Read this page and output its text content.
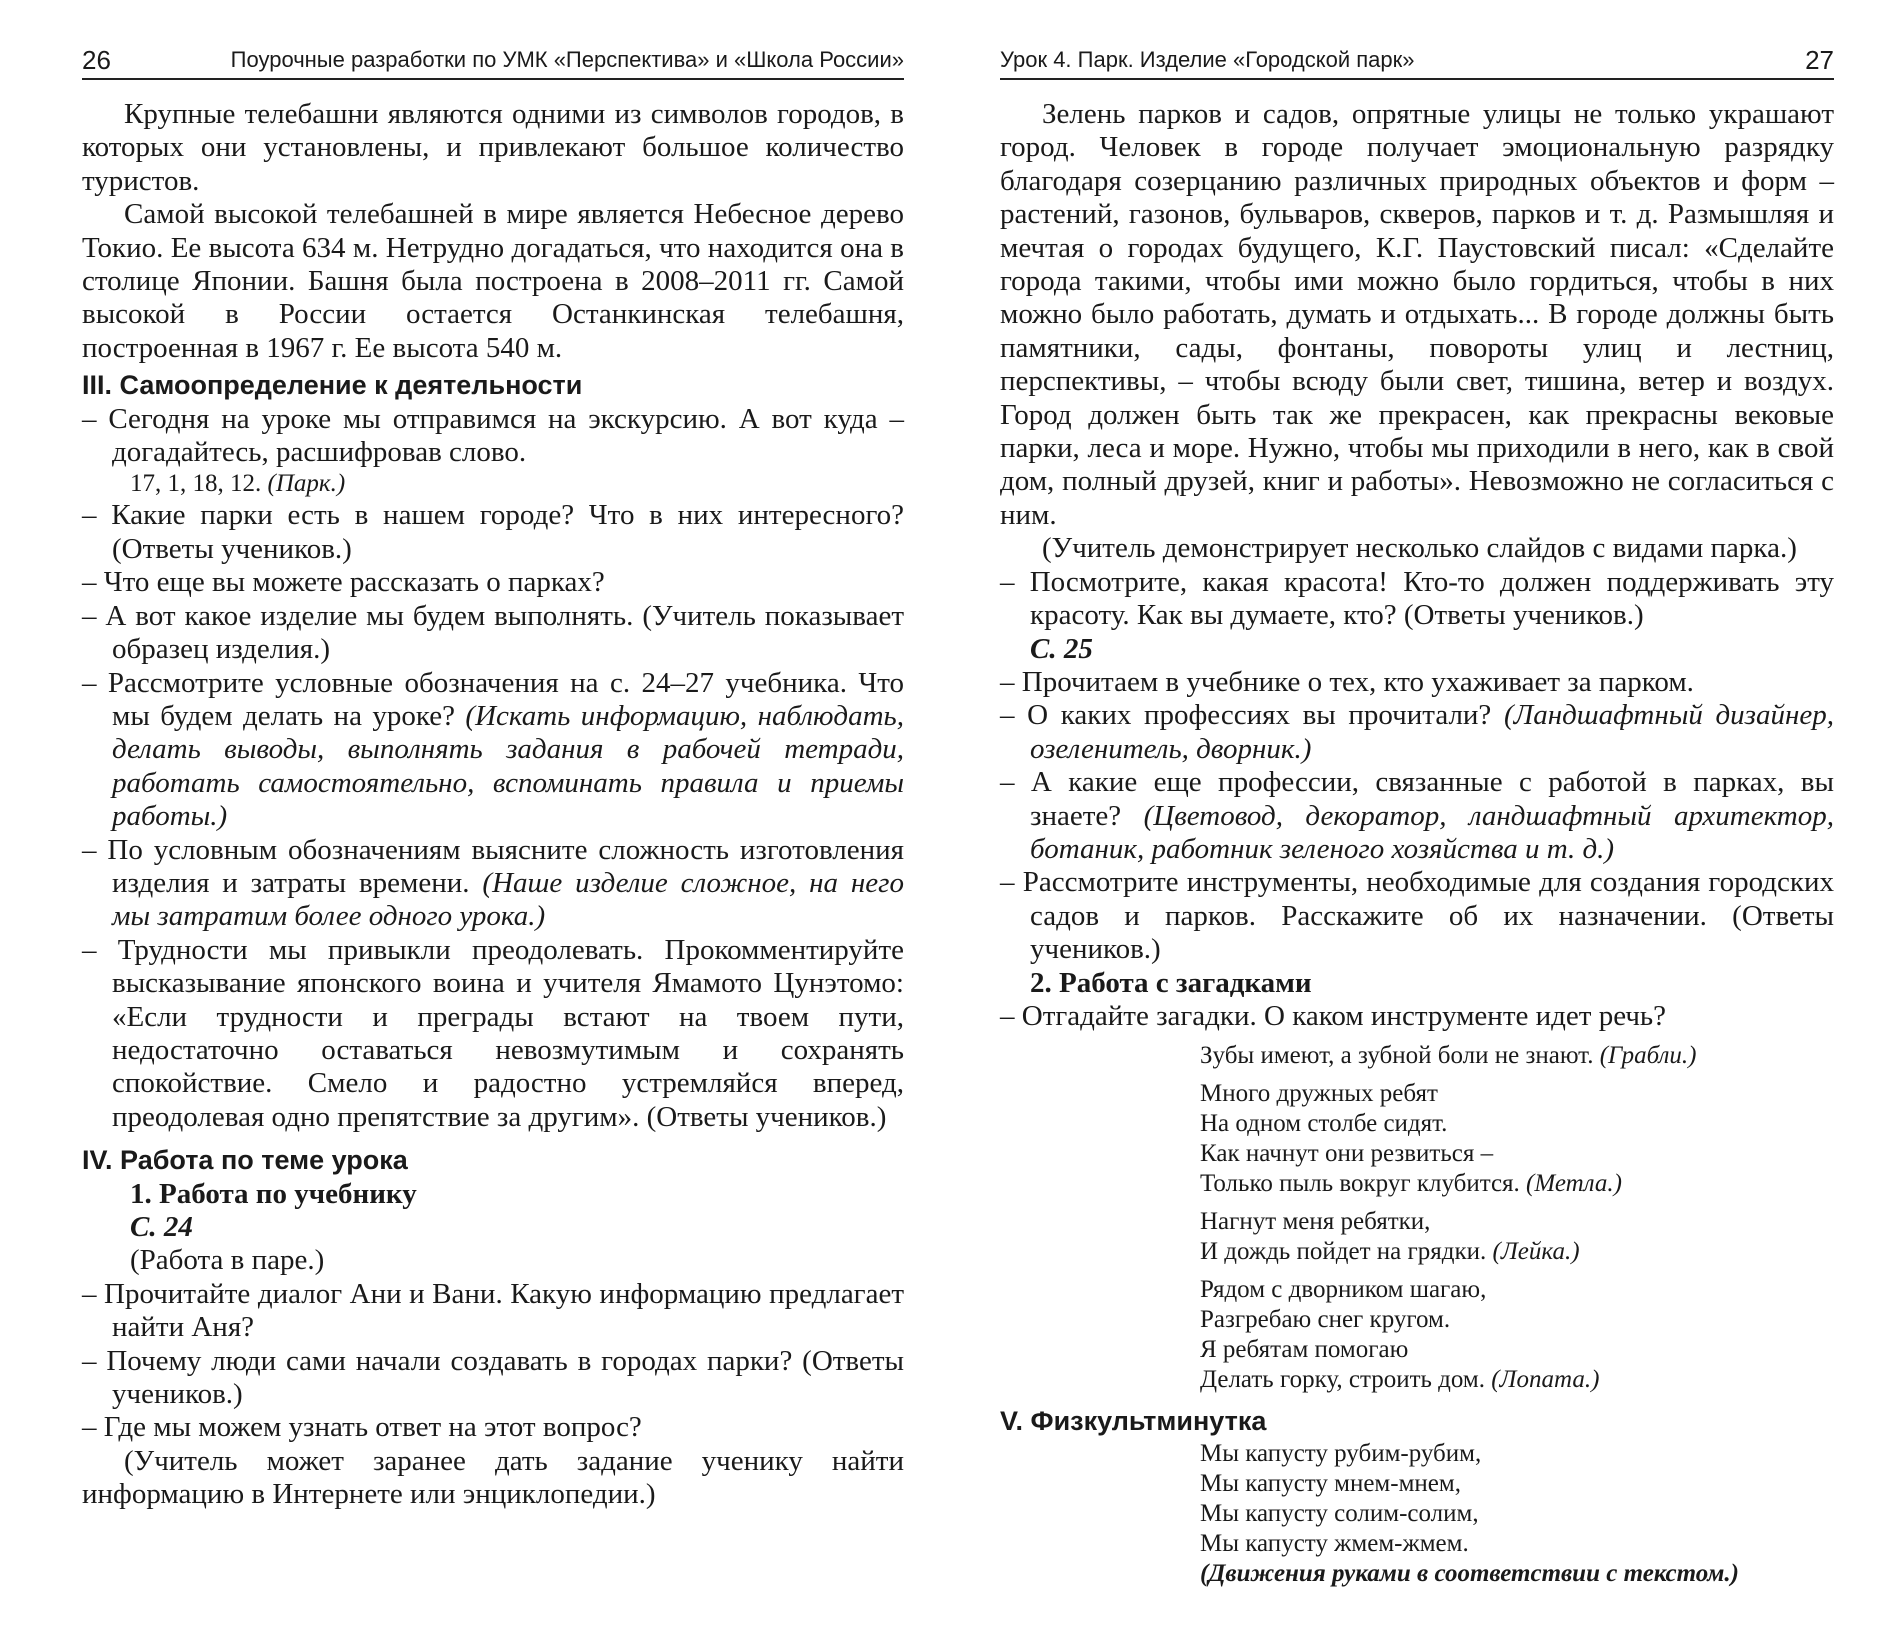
26	Поурочные разработки по УМК «Перспектива» и «Школа России»

Крупные телебашни являются одними из символов городов, в которых они установлены, и привлекают большое количество туристов.

Самой высокой телебашней в мире является Небесное дерево Токио. Ее высота 634 м. Нетрудно догадаться, что находится она в столице Японии. Башня была построена в 2008–2011 гг. Самой высокой в России остается Останкинская телебашня, построенная в 1967 г. Ее высота 540 м.

III. Самоопределение к деятельности

– Сегодня на уроке мы отправимся на экскурсию. А вот куда – догадайтесь, расшифровав слово.

17, 1, 18, 12. (Парк.)

– Какие парки есть в нашем городе? Что в них интересного? (Ответы учеников.)

– Что еще вы можете рассказать о парках?

– А вот какое изделие мы будем выполнять. (Учитель показывает образец изделия.)

– Рассмотрите условные обозначения на с. 24–27 учебника. Что мы будем делать на уроке? (Искать информацию, наблюдать, делать выводы, выполнять задания в рабочей тетради, работать самостоятельно, вспоминать правила и приемы работы.)

– По условным обозначениям выясните сложность изготовления изделия и затраты времени. (Наше изделие сложное, на него мы затратим более одного урока.)

– Трудности мы привыкли преодолевать. Прокомментируйте высказывание японского воина и учителя Ямамото Цунэтомо: «Если трудности и преграды встают на твоем пути, недостаточно оставаться невозмутимым и сохранять спокойствие. Смело и радостно устремляйся вперед, преодолевая одно препятствие за другим». (Ответы учеников.)

IV. Работа по теме урока

1. Работа по учебнику

С. 24

(Работа в паре.)

– Прочитайте диалог Ани и Вани. Какую информацию предлагает найти Аня?

– Почему люди сами начали создавать в городах парки? (Ответы учеников.)

– Где мы можем узнать ответ на этот вопрос?

(Учитель может заранее дать задание ученику найти информацию в Интернете или энциклопедии.)

Урок 4. Парк. Изделие «Городской парк»	27

Зелень парков и садов, опрятные улицы не только украшают город. Человек в городе получает эмоциональную разрядку благодаря созерцанию различных природных объектов и форм – растений, газонов, бульваров, скверов, парков и т. д. Размышляя и мечтая о городах будущего, К.Г. Паустовский писал: «Сделайте города такими, чтобы ими можно было гордиться, чтобы в них можно было работать, думать и отдыхать... В городе должны быть памятники, сады, фонтаны, повороты улиц и лестниц, перспективы, – чтобы всюду были свет, тишина, ветер и воздух. Город должен быть так же прекрасен, как прекрасны вековые парки, леса и море. Нужно, чтобы мы приходили в него, как в свой дом, полный друзей, книг и работы». Невозможно не согласиться с ним.

(Учитель демонстрирует несколько слайдов с видами парка.)

– Посмотрите, какая красота! Кто-то должен поддерживать эту красоту. Как вы думаете, кто? (Ответы учеников.)

С. 25

– Прочитаем в учебнике о тех, кто ухаживает за парком.

– О каких профессиях вы прочитали? (Ландшафтный дизайнер, озеленитель, дворник.)

– А какие еще профессии, связанные с работой в парках, вы знаете? (Цветовод, декоратор, ландшафтный архитектор, ботаник, работник зеленого хозяйства и т. д.)

– Рассмотрите инструменты, необходимые для создания городских садов и парков. Расскажите об их назначении. (Ответы учеников.)

2. Работа с загадками

– Отгадайте загадки. О каком инструменте идет речь?

Зубы имеют, а зубной боли не знают. (Грабли.)
Много дружных ребят
На одном столбе сидят.
Как начнут они резвиться –
Только пыль вокруг клубится. (Метла.)
Нагнут меня ребятки,
И дождь пойдет на грядки. (Лейка.)
Рядом с дворником шагаю,
Разгребаю снег кругом.
Я ребятам помогаю
Делать горку, строить дом. (Лопата.)

V. Физкультминутка

Мы капусту рубим-рубим,
Мы капусту мнем-мнем,
Мы капусту солим-солим,
Мы капусту жмем-жмем.
(Движения руками в соответствии с текстом.)
